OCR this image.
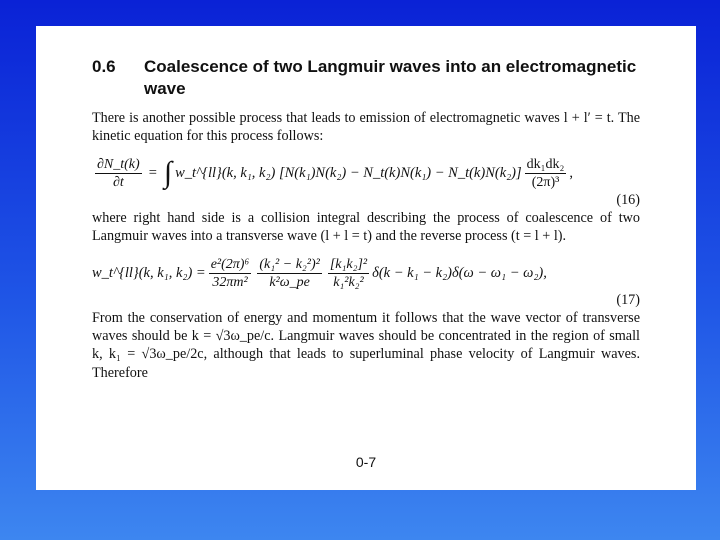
0.6	Coalescence of two Langmuir waves into an electromagnetic wave

There is another possible process that leads to emission of electromagnetic waves l + l′ = t. The kinetic equation for this process follows:

$\frac{\partial N\_t(k)}{\partial t}$ = ∫ w_t^{ll}(k, k₁, k₂) [N(k₁)N(k₂) − N_t(k)N(k₁) − N_t(k)N(k₂)] $\frac{\text{dk₁dk₂}}{\text{(2π)³}}$ ,
(16)

where right hand side is a collision integral describing the process of coalescence of two Langmuir waves into a transverse wave (l + l = t) and the reverse process (t = l + l).

w_t^{ll}(k, k₁, $k_2) = \frac{\text{e²(2π)⁶}}{\text{32πm²}} \frac{\text{(k₁² − k₂²)²}}{\text{k²ω\_pe}} \frac{\text{[k₁k₂]²}}{\text{k₁²k₂²}} \delta(k - k_1 - k_2)\delta(\omega - \omega_1 - \omega_2)$,
(17)

From the conservation of energy and momentum it follows that the wave vector of transverse waves should be k = √3ω_pe/c. Langmuir waves should be concentrated in the region of small k, k₁ = √3ω_pe/2c, although that leads to superluminal phase velocity of Langmuir waves. Therefore

0-7
